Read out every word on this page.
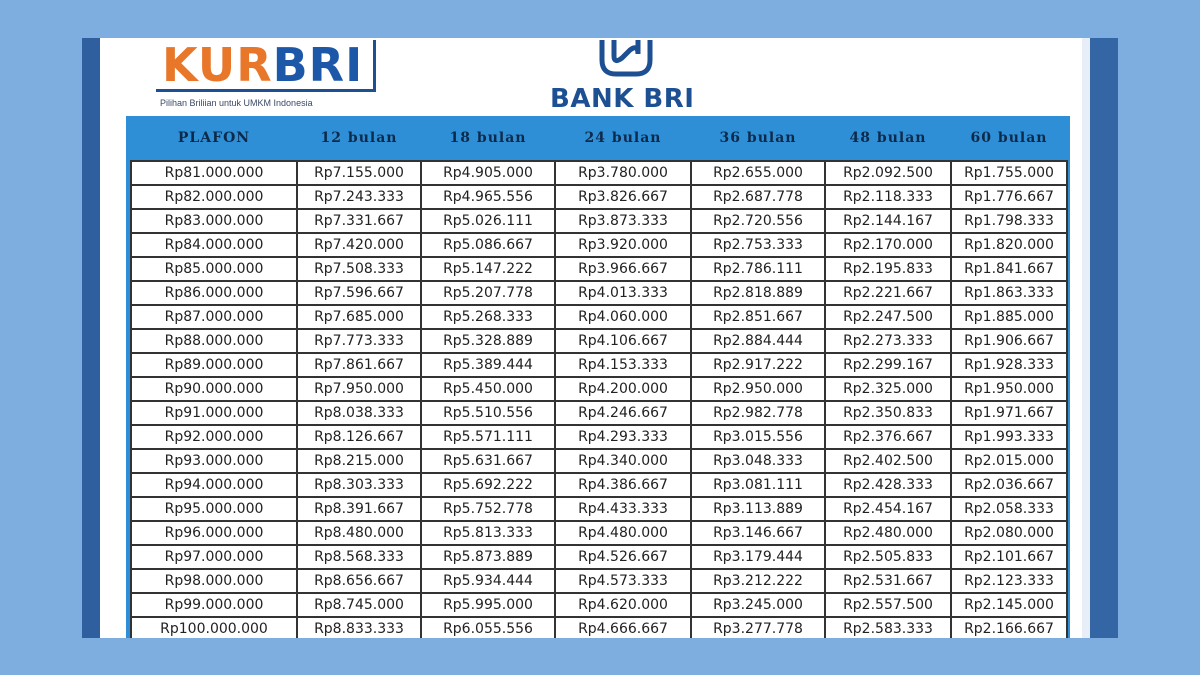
KURBRI
Pilihan Briliian untuk UMKM Indonesia	BANK BRI
PLAFON	12 bulan	18 bulan	24 bulan	36 bulan	48 bulan	60 bulan
Rp81.000.000	Rp7.155.000	Rp4.905.000	Rp3.780.000	Rp2.655.000	Rp2.092.500	Rp1.755.000
Rp82.000.000	Rp7.243.333	Rp4.965.556	Rp3.826.667	Rp2.687.778	Rp2.118.333	Rp1.776.667
Rp83.000.000	Rp7.331.667	Rp5.026.111	Rp3.873.333	Rp2.720.556	Rp2.144.167	Rp1.798.333
Rp84.000.000	Rp7.420.000	Rp5.086.667	Rp3.920.000	Rp2.753.333	Rp2.170.000	Rp1.820.000
Rp85.000.000	Rp7.508.333	Rp5.147.222	Rp3.966.667	Rp2.786.111	Rp2.195.833	Rp1.841.667
Rp86.000.000	Rp7.596.667	Rp5.207.778	Rp4.013.333	Rp2.818.889	Rp2.221.667	Rp1.863.333
Rp87.000.000	Rp7.685.000	Rp5.268.333	Rp4.060.000	Rp2.851.667	Rp2.247.500	Rp1.885.000
Rp88.000.000	Rp7.773.333	Rp5.328.889	Rp4.106.667	Rp2.884.444	Rp2.273.333	Rp1.906.667
Rp89.000.000	Rp7.861.667	Rp5.389.444	Rp4.153.333	Rp2.917.222	Rp2.299.167	Rp1.928.333
Rp90.000.000	Rp7.950.000	Rp5.450.000	Rp4.200.000	Rp2.950.000	Rp2.325.000	Rp1.950.000
Rp91.000.000	Rp8.038.333	Rp5.510.556	Rp4.246.667	Rp2.982.778	Rp2.350.833	Rp1.971.667
Rp92.000.000	Rp8.126.667	Rp5.571.111	Rp4.293.333	Rp3.015.556	Rp2.376.667	Rp1.993.333
Rp93.000.000	Rp8.215.000	Rp5.631.667	Rp4.340.000	Rp3.048.333	Rp2.402.500	Rp2.015.000
Rp94.000.000	Rp8.303.333	Rp5.692.222	Rp4.386.667	Rp3.081.111	Rp2.428.333	Rp2.036.667
Rp95.000.000	Rp8.391.667	Rp5.752.778	Rp4.433.333	Rp3.113.889	Rp2.454.167	Rp2.058.333
Rp96.000.000	Rp8.480.000	Rp5.813.333	Rp4.480.000	Rp3.146.667	Rp2.480.000	Rp2.080.000
Rp97.000.000	Rp8.568.333	Rp5.873.889	Rp4.526.667	Rp3.179.444	Rp2.505.833	Rp2.101.667
Rp98.000.000	Rp8.656.667	Rp5.934.444	Rp4.573.333	Rp3.212.222	Rp2.531.667	Rp2.123.333
Rp99.000.000	Rp8.745.000	Rp5.995.000	Rp4.620.000	Rp3.245.000	Rp2.557.500	Rp2.145.000
Rp100.000.000	Rp8.833.333	Rp6.055.556	Rp4.666.667	Rp3.277.778	Rp2.583.333	Rp2.166.667
